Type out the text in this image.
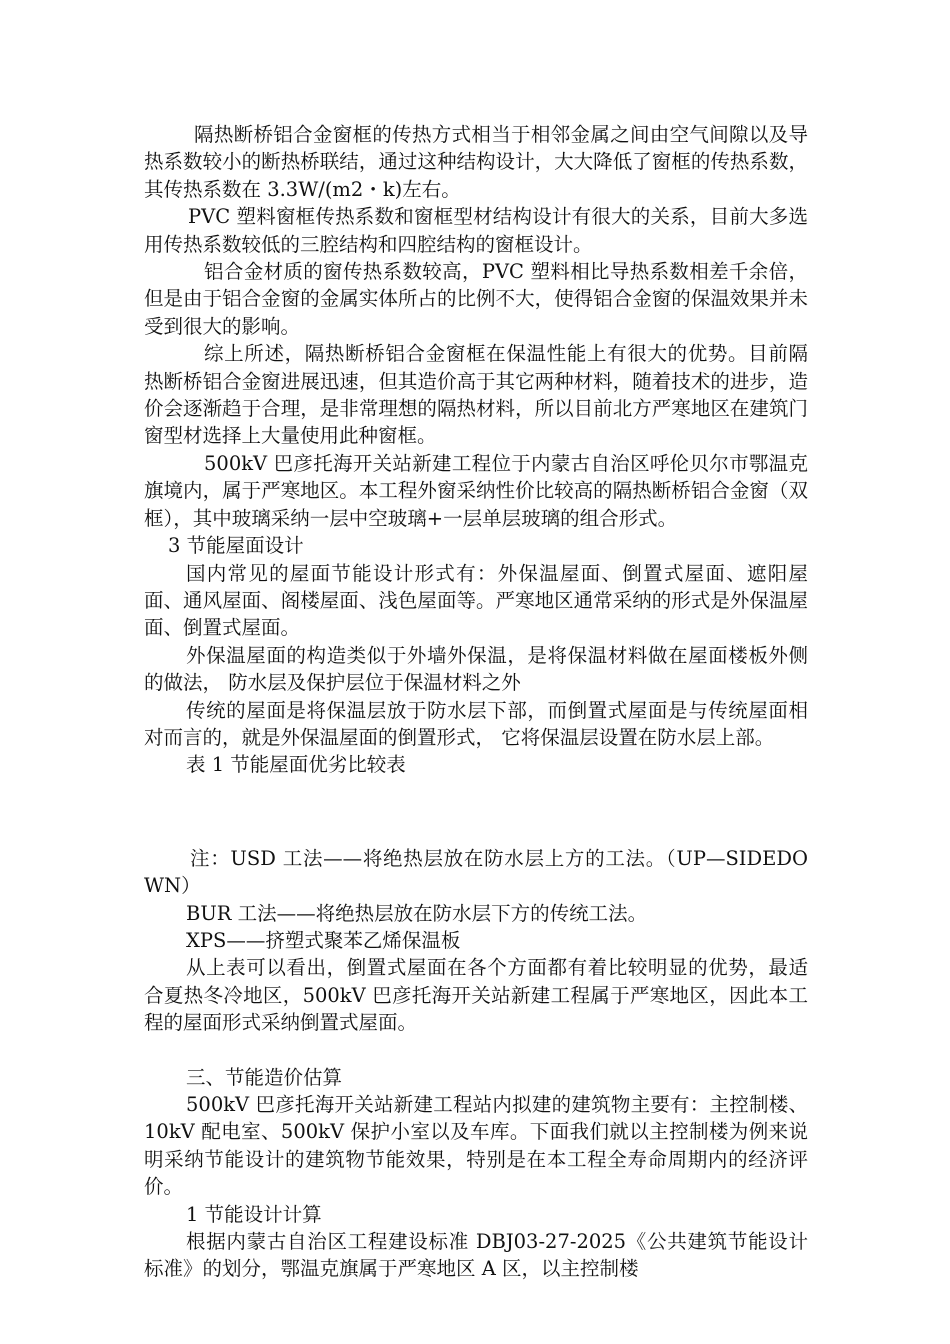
隔热断桥铝合金窗框的传热方式相当于相邻金属之间由空气间隙以及导热系数较小的断热桥联结，通过这种结构设计，大大降低了窗框的传热系数，其传热系数在 3.3W/(m2・k)左右。

PVC 塑料窗框传热系数和窗框型材结构设计有很大的关系，目前大多选用传热系数较低的三腔结构和四腔结构的窗框设计。

铝合金材质的窗传热系数较高，PVC 塑料相比导热系数相差千余倍，但是由于铝合金窗的金属实体所占的比例不大，使得铝合金窗的保温效果并未受到很大的影响。

综上所述，隔热断桥铝合金窗框在保温性能上有很大的优势。目前隔热断桥铝合金窗进展迅速，但其造价高于其它两种材料，随着技术的进步，造价会逐渐趋于合理，是非常理想的隔热材料，所以目前北方严寒地区在建筑门窗型材选择上大量使用此种窗框。

500kV 巴彦托海开关站新建工程位于内蒙古自治区呼伦贝尔市鄂温克旗境内，属于严寒地区。本工程外窗采纳性价比较高的隔热断桥铝合金窗（双框），其中玻璃采纳一层中空玻璃+一层单层玻璃的组合形式。

3 节能屋面设计

国内常见的屋面节能设计形式有：外保温屋面、倒置式屋面、遮阳屋面、通风屋面、阁楼屋面、浅色屋面等。严寒地区通常采纳的形式是外保温屋面、倒置式屋面。

外保温屋面的构造类似于外墙外保温，是将保温材料做在屋面楼板外侧的做法， 防水层及保护层位于保温材料之外

传统的屋面是将保温层放于防水层下部，而倒置式屋面是与传统屋面相对而言的，就是外保温屋面的倒置形式， 它将保温层设置在防水层上部。

表 1 节能屋面优劣比较表

注：USD 工法——将绝热层放在防水层上方的工法。（UP—SIDEDOWN）

BUR 工法——将绝热层放在防水层下方的传统工法。

XPS——挤塑式聚苯乙烯保温板

从上表可以看出，倒置式屋面在各个方面都有着比较明显的优势，最适合夏热冬冷地区，500kV 巴彦托海开关站新建工程属于严寒地区，因此本工程的屋面形式采纳倒置式屋面。

三、节能造价估算

500kV 巴彦托海开关站新建工程站内拟建的建筑物主要有：主控制楼、10kV 配电室、500kV 保护小室以及车库。下面我们就以主控制楼为例来说明采纳节能设计的建筑物节能效果，特别是在本工程全寿命周期内的经济评价。

1 节能设计计算

根据内蒙古自治区工程建设标准 DBJ03-27-2025《公共建筑节能设计标准》的划分，鄂温克旗属于严寒地区 A 区，以主控制楼
